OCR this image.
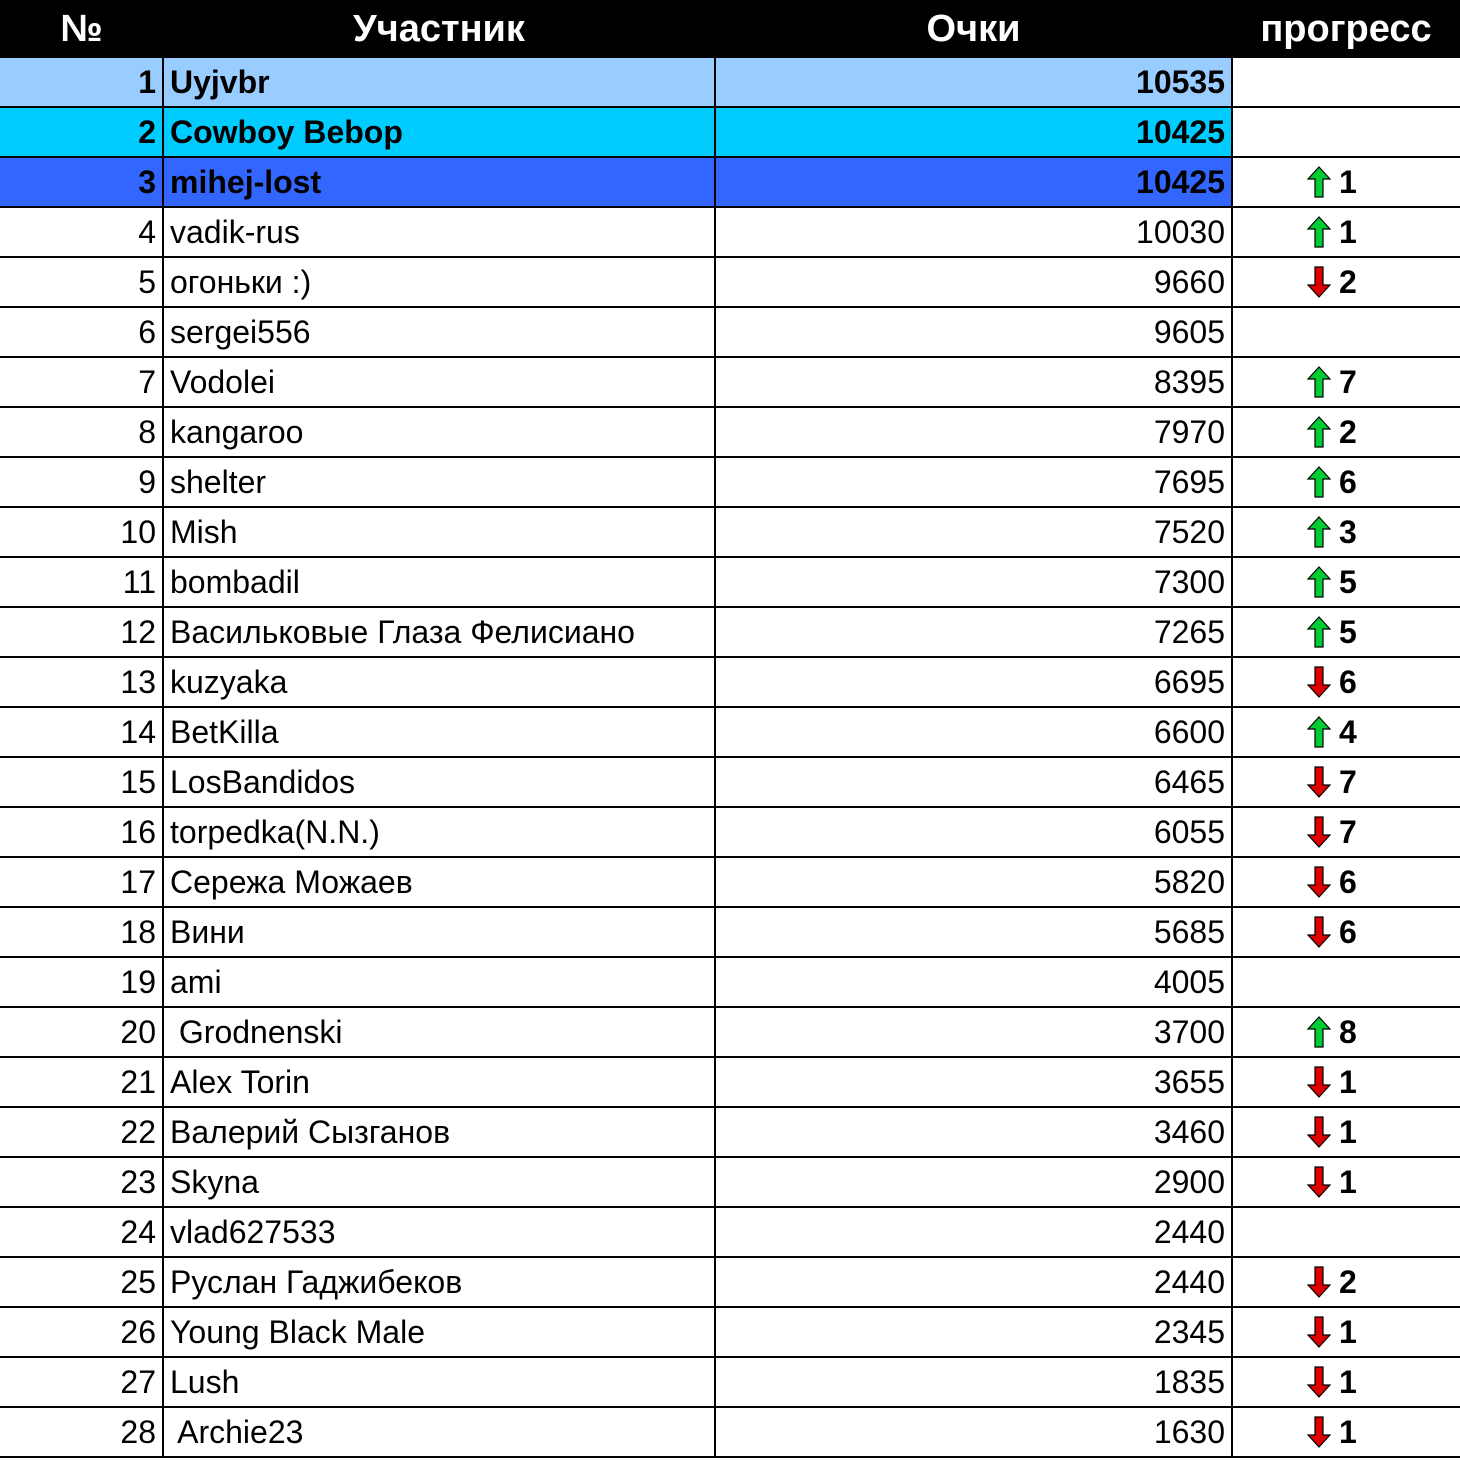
№	Участник	Очки	прогресс
1	Uyjvbr	10535	
2	Cowboy Bebop	10425	
3	mihej-lost	10425	1
4	vadik-rus	10030	1
5	огоньки :)	9660	2
6	sergei556	9605	
7	Vodolei	8395	7
8	kangaroo	7970	2
9	shelter	7695	6
10	Mish	7520	3
11	bombadil	7300	5
12	Васильковые Глаза Фелисиано	7265	5
13	kuzyaka	6695	6
14	BetKilla	6600	4
15	LosBandidos	6465	7
16	torpedka(N.N.)	6055	7
17	Сережа Можаев	5820	6
18	Вини	5685	6
19	ami	4005	
20	Grodnenski	3700	8
21	Alex Torin	3655	1
22	Валерий Сызганов	3460	1
23	Skyna	2900	1
24	vlad627533	2440	
25	Руслан Гаджибеков	2440	2
26	Young Black Male	2345	1
27	Lush	1835	1
28	Archie23	1630	1
